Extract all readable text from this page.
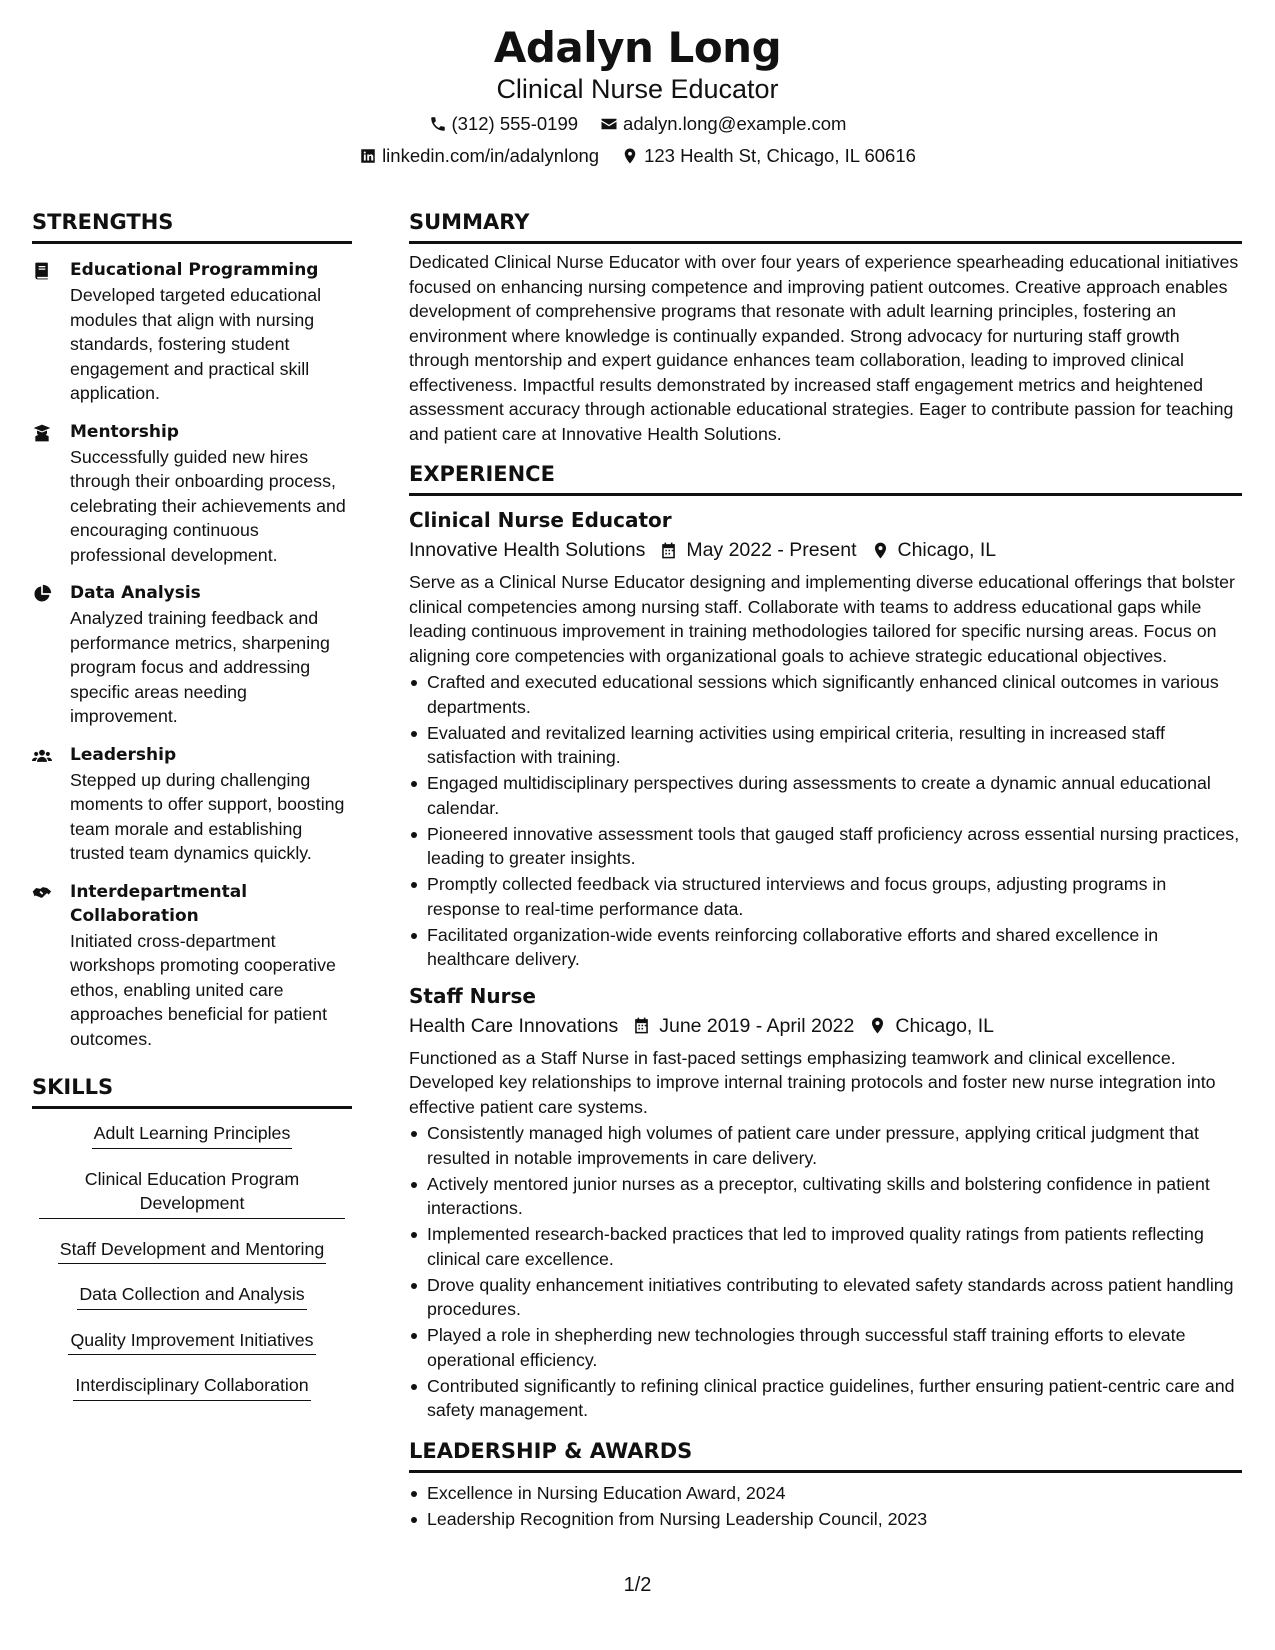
Adalyn Long
Clinical Nurse Educator
(312) 555-0199 adalyn.long@example.com
linkedin.com/in/adalynlong 123 Health St, Chicago, IL 60616
STRENGTHS
Educational Programming
Developed targeted educational modules that align with nursing standards, fostering student engagement and practical skill application.
Mentorship
Successfully guided new hires through their onboarding process, celebrating their achievements and encouraging continuous professional development.
Data Analysis
Analyzed training feedback and performance metrics, sharpening program focus and addressing specific areas needing improvement.
Leadership
Stepped up during challenging moments to offer support, boosting team morale and establishing trusted team dynamics quickly.
Interdepartmental Collaboration
Initiated cross-department workshops promoting cooperative ethos, enabling united care approaches beneficial for patient outcomes.
SKILLS
Adult Learning Principles
Clinical Education Program Development
Staff Development and Mentoring
Data Collection and Analysis
Quality Improvement Initiatives
Interdisciplinary Collaboration
SUMMARY
Dedicated Clinical Nurse Educator with over four years of experience spearheading educational initiatives focused on enhancing nursing competence and improving patient outcomes. Creative approach enables development of comprehensive programs that resonate with adult learning principles, fostering an environment where knowledge is continually expanded. Strong advocacy for nurturing staff growth through mentorship and expert guidance enhances team collaboration, leading to improved clinical effectiveness. Impactful results demonstrated by increased staff engagement metrics and heightened assessment accuracy through actionable educational strategies. Eager to contribute passion for teaching and patient care at Innovative Health Solutions.
EXPERIENCE
Clinical Nurse Educator
Innovative Health Solutions May 2022 - Present Chicago, IL
Serve as a Clinical Nurse Educator designing and implementing diverse educational offerings that bolster clinical competencies among nursing staff. Collaborate with teams to address educational gaps while leading continuous improvement in training methodologies tailored for specific nursing areas. Focus on aligning core competencies with organizational goals to achieve strategic educational objectives.
Crafted and executed educational sessions which significantly enhanced clinical outcomes in various departments.
Evaluated and revitalized learning activities using empirical criteria, resulting in increased staff satisfaction with training.
Engaged multidisciplinary perspectives during assessments to create a dynamic annual educational calendar.
Pioneered innovative assessment tools that gauged staff proficiency across essential nursing practices, leading to greater insights.
Promptly collected feedback via structured interviews and focus groups, adjusting programs in response to real-time performance data.
Facilitated organization-wide events reinforcing collaborative efforts and shared excellence in healthcare delivery.
Staff Nurse
Health Care Innovations June 2019 - April 2022 Chicago, IL
Functioned as a Staff Nurse in fast-paced settings emphasizing teamwork and clinical excellence. Developed key relationships to improve internal training protocols and foster new nurse integration into effective patient care systems.
Consistently managed high volumes of patient care under pressure, applying critical judgment that resulted in notable improvements in care delivery.
Actively mentored junior nurses as a preceptor, cultivating skills and bolstering confidence in patient interactions.
Implemented research-backed practices that led to improved quality ratings from patients reflecting clinical care excellence.
Drove quality enhancement initiatives contributing to elevated safety standards across patient handling procedures.
Played a role in shepherding new technologies through successful staff training efforts to elevate operational efficiency.
Contributed significantly to refining clinical practice guidelines, further ensuring patient-centric care and safety management.
LEADERSHIP & AWARDS
Excellence in Nursing Education Award, 2024
Leadership Recognition from Nursing Leadership Council, 2023
1/2
